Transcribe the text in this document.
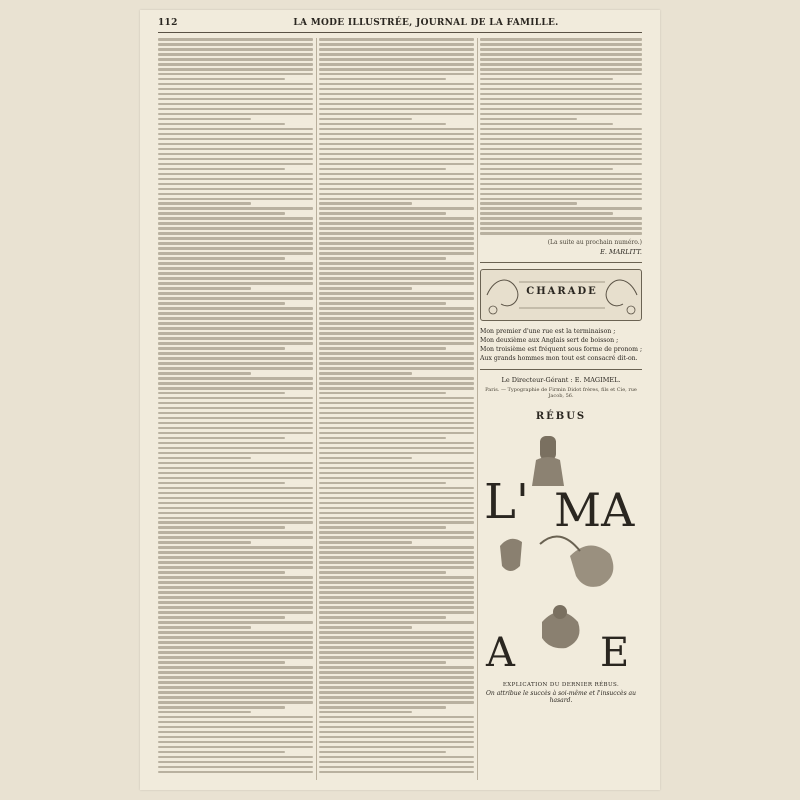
112	LA MODE ILLUSTRÉE, JOURNAL DE LA FAMILLE.
(La suite au prochain numéro.)
E. MARLITT.
CHARADE
Mon premier d'une rue est la terminaison ;
Mon deuxième aux Anglais sert de boisson ;
Mon troisième est fréquent sous forme de pronom ;
Aux grands hommes mon tout est consacré dit-on.
Le Directeur-Gérant : E. MAGIMEL.
Paris. — Typographie de Firmin Didot frères, fils et Cie, rue Jacob, 56.
RÉBUS
L' MA
A E
EXPLICATION DU DERNIER RÉBUS.
On attribue le succès à soi-même et l'insuccès au hasard.
